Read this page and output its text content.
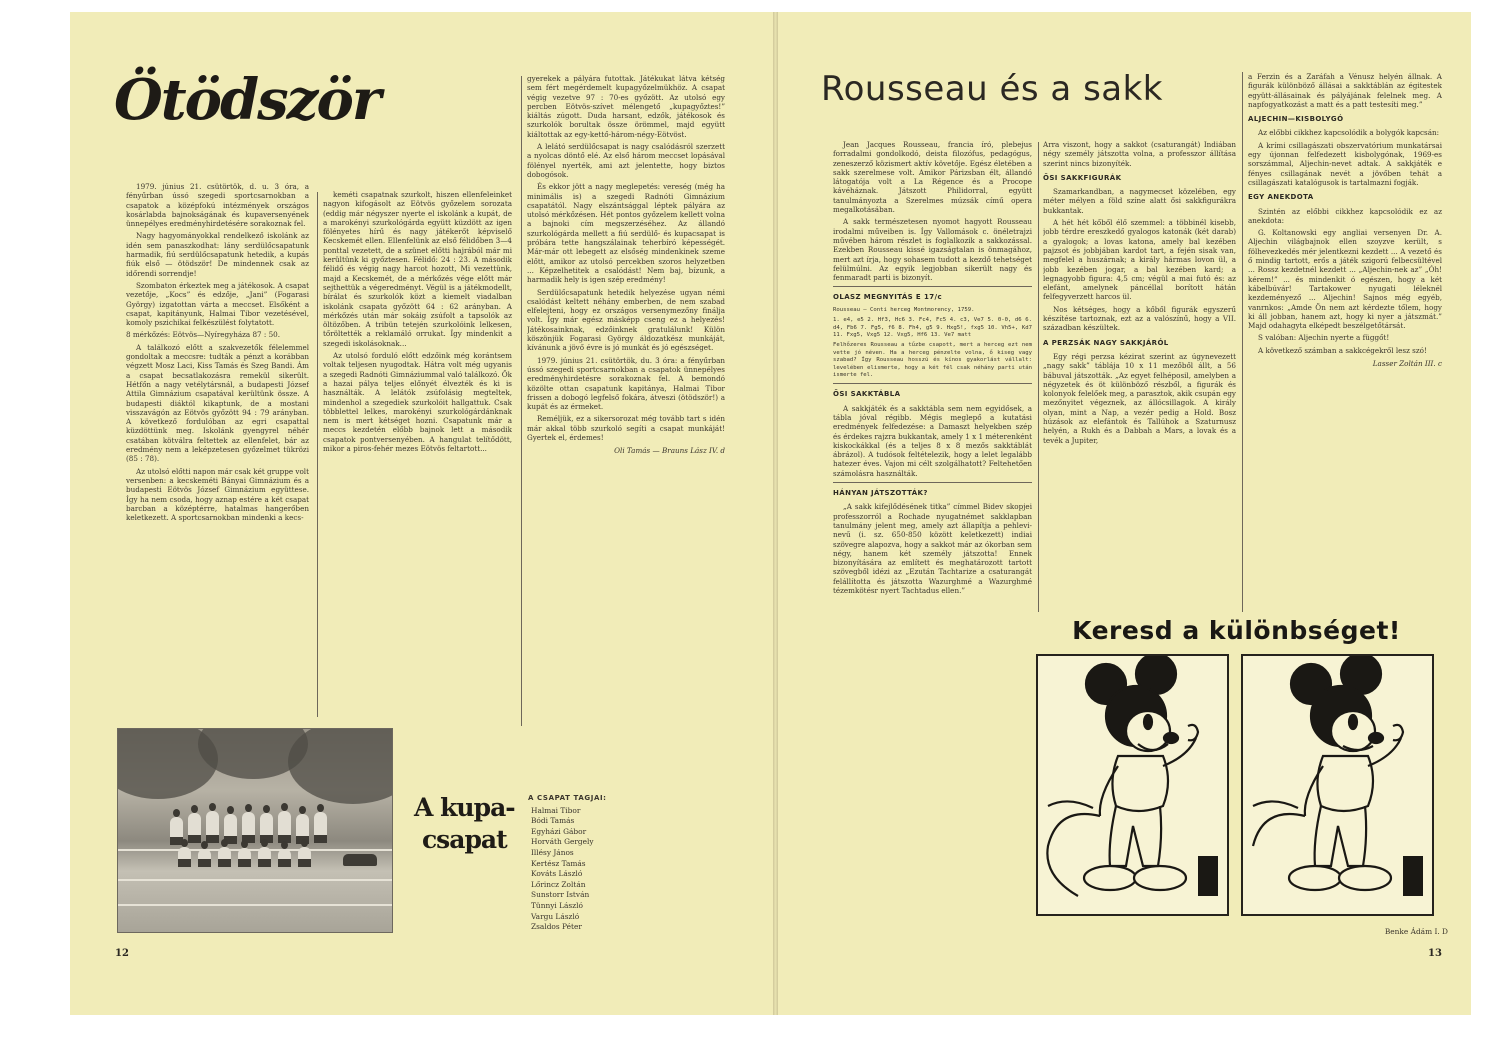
Ötödször

1979. június 21. csütörtök, d. u. 3 óra, a fényűrban ússó szegedi sportcsarnokban a csapatok a középfokú intézmények országos kosárlabda bajnokságának és kupaversenyének ünnepélyes eredményhirdetésére sorakoznak fel.

Nagy hagyományokkal rendelkező iskolánk az idén sem panaszkodhat: lány serdülőcsapatunk harmadik, fiú serdülőcsapatunk hetedik, a kupás fiúk első — ötödször! De mindennek csak az időrendi sorrendje!

Szombaton érkeztek meg a játékosok. A csapat vezetője, „Kocs” és edzője, „Jani” (Fogarasi György) izgatottan várta a meccset. Elsőként a csapat, kapitányunk, Halmai Tibor vezetésével, komoly pszichikai felkészülést folytatott.

8 mérkőzés: Eötvös—Nyíregyháza 87 : 50.

A találkozó előtt a szakvezetők félelemmel gondoltak a meccsre: tudták a pénzt a korábban végzett Mosz Laci, Kiss Tamás és Szeg Bandi. Ám a csapat becsatlakozásra remekül sikerült. Hétfőn a nagy vetélytársnál, a budapesti József Attila Gimnázium csapatával kerültünk össze. A budapesti diáktól kikaptunk, de a mostani visszavágón az Eötvös győzött 94 : 79 arányban. A következő fordulóban az egri csapattal küzdöttünk meg. Iskolánk gyengyrel néhér csatában kötválra feltettek az ellenfelet, bár az eredmény nem a leképzetesen győzelmet tükrözi (85 : 78).

Az utolsó előtti napon már csak két gruppe volt versenben: a kecskeméti Bányai Gimnázium és a budapesti Eötvös József Gimnázium együttese. Így ha nem csoda, hogy aznap estére a két csapat barcban a középtérre, hatalmas hangerőben keletkezett. A sportcsarnokban mindenki a kecs-

keméti csapatnak szurkolt, hiszen ellenfeleinket nagyon kifogásolt az Eötvös győzelem sorozata (eddig már négyszer nyerte el iskolánk a kupát, de a marokényi szurkológárda együtt küzdött az igen fölényetes hírű és nagy játékerőt képviselő Kecskemét ellen. Ellenfelünk az első félidőben 3—4 ponttal vezetett, de a szünet előtti hajrából már mi kerültünk ki győztesen. Félidő: 24 : 23. A második félidő és végig nagy harcot hozott, Mi vezettünk, majd a Kecskemét, de a mérkőzés vége előtt már sejthettük a végeredményt. Végül is a játékmodellt, bírálat és szurkolók közt a kiemelt viadalban iskolánk csapata győzött 64 : 62 arányban. A mérkőzés után már sokáig zsúfolt a tapsolók az öltözőben. A tribün tetején szurkolóink lelkesen, tőröltették a reklamáló orrukat. Így mindenkit a szegedi iskolásoknak...

Az utolsó forduló előtt edzőink még korántsem voltak teljesen nyugodtak. Hátra volt még ugyanis a szegedi Radnóti Gimnáziummal való találkozó. Ők a hazai pálya teljes előnyét élvezték és ki is használták. A lelátók zsúfolásig megteltek, mindenhol a szegediek szurkolóit hallgattuk. Csak többlettel lelkes, marokényi szurkológárdánknak nem is mert kétséget hozni. Csapatunk már a meccs kezdetén előbb bajnok lett a második csapatok pontversenyében. A hangulat telítődött, mikor a piros-fehér mezes Eötvös feltartott...

gyerekek a pályára futottak. Játékukat látva kétség sem fért megérdemelt kupagyőzelmükhöz. A csapat végig vezetve 97 : 70-es győzött. Az utolsó egy percben Eötvös-szívet mélengető „kupagyőztes!” kiáltás zúgott. Duda harsant, edzők, játékosok és szurkolók borultak össze örömmel, majd együtt kiáltottak az egy-kettő-három-négy-Eötvöst.

A lelátó serdülőcsapat is nagy csalódásról szerzett a nyolcas döntő elé. Az első három meccset lopásával fölényel nyerték, ami azt jelentette, hogy biztos dobogósok.

És ekkor jött a nagy meglepetés: vereség (még ha minimális is) a szegedi Radnóti Gimnázium csapatától. Nagy elszántsággal léptek pályára az utolsó mérkőzésen. Hét pontos győzelem kellett volna a bajnoki cím megszerzéséhez. Az állandó szurkológárda mellett a fiú serdülő- és kupacsapat is próbára tette hangszálainak teherbíró képességét. Már-már ott lebegett az elsőség mindenkinek szeme előtt, amikor az utolsó percekben szoros helyzetben ... Képzelhetitek a csalódást! Nem baj, bízunk, a harmadik hely is igen szép eredmény!

Serdülőcsapatunk hetedik helyezése ugyan némi csalódást keltett néhány emberben, de nem szabad elfelejteni, hogy ez országos versenymezőny finálja volt. Így már egész másképp cseng ez a helyezés! Játékosainknak, edzőinknek gratulálunk! Külön köszönjük Fogarasi György áldozatkész munkáját, kívánunk a jövő évre is jó munkát és jó egészséget.

1979. június 21. csütörtök, du. 3 óra: a fényűrban ússó szegedi sportcsarnokban a csapatok ünnepélyes eredményhirdetésre sorakoznak fel. A bemondó közölte ottan csapatunk kapitánya, Halmai Tibor frissen a dobogó legfelső fokára, átveszi (ötödször!) a kupát és az érmeket.

Reméljük, ez a sikersorozat még tovább tart s idén már akkal több szurkoló segíti a csapat munkáját! Gyertek el, érdemes!

Oli Tamás — Brauns Lász IV. d

A kupa-
csapat
A CSAPAT TAGJAI:
Halmai Tibor
Bódi Tamás
Egyházi Gábor
Horváth Gergely
Illésy János
Kertész Tamás
Kováts László
Lőrincz Zoltán
Sunstorr István
Tünnyi László
Vargu László
Zsaldos Péter
12
Rousseau és a sakk

Jean Jacques Rousseau, francia író, plebejus forradalmi gondolkodó, deista filozófus, pedagógus, zeneszerző közismert aktív követője. Egész életében a sakk szerelmese volt. Amikor Párizsban élt, állandó látogatója volt a La Régence és a Procope kávéháznak. Játszott Philidorral, együtt tanulmányozta a Szerelmes múzsák című opera megalkotásában.

A sakk természetesen nyomot hagyott Rousseau irodalmi műveiben is. Így Vallomások c. önéletrajzi művében három részlet is foglalkozik a sakkozással. Ezekben Rousseau kissé igazságtalan is önmagához, mert azt írja, hogy sohasem tudott a kezdő tehetséget felülmúlni. Az egyik legjobban sikerült nagy és fenmaradt parti is bizonyít.

OLASZ MEGNYITÁS E 17/c

Rousseau — Conti herceg Montmorency, 1759.

1. e4, e5 2. Hf3, Hc6 3. Fc4, Fc5 4. c3, Ve7 5. 0-0, d6 6. d4, Fb6 7. Fg5, f6 8. Fh4, g5 9. Hxg5!, fxg5 10. Vh5+, Kd7 11. Fxg5, Vxg5 12. Vxg5, Hf6 13. Ve7 matt

Felhőzeres Rousseau a tűzbe csapott, mert a herceg ezt nem vette jó néven. Ha a herceg pénzelte volna, ő kiseg vagy szabad? Így Rousseau hosszú és kínos gyakorlást vállalt: levelében elismerte, hogy a két fél csak néhány parti után ismerte fel.

ŐSI SAKKTÁBLA

A sakkjáték és a sakktábla sem nem egyidősek, a tábla jóval régibb. Mégis meglepő a kutatási eredmények felfedezése: a Damaszt helyekben szép és érdekes rajzra bukkantak, amely 1 x 1 méterenként kiskockákkal (és a teljes 8 x 8 mezős sakktáblát ábrázol). A tudósok feltételezik, hogy a lelet legalább hatezer éves. Vajon mi célt szolgálhatott? Feltehetően számolásra használták.

HÁNYAN JÁTSZOTTÁK?

„A sakk kifejlődésének titka” címmel Bidev skopjei professzorról a Rochade nyugatnémet sakklapban tanulmány jelent meg, amely azt állapítja a pehlevi-nevű (i. sz. 650-850 között keletkezett) indiai szövegre alapozva, hogy a sakkot már az ókorban sem négy, hanem két személy játszotta! Ennek bizonyítására az említett és meghatározott tartott szövegből idézi az „Ezután Tachtarize a csaturangát felállította és játszotta Wazurghmé a Wazurghmé tézemkötésr nyert Tachtadus ellen.”

Arra viszont, hogy a sakkot (csaturangát) Indiában négy személy játszotta volna, a professzor állítása szerint nincs bizonyíték.

ŐSI SAKKFIGURÁK

Szamarkandban, a nagymecset közelében, egy méter mélyen a föld színe alatt ősi sakkfigurákra bukkantak.

A hét hét kőből élő szemmel: a többinél kisebb, jobb térdre ereszkedő gyalogos katonák (két darab) a gyalogok; a lovas katona, amely bal kezében pajzsot és jobbjában kardot tart, a fején sisak van, megfelel a huszárnak; a király hármas lovon ül, a jobb kezében jogar, a bal kezében kard; a legnagyobb figura: 4,5 cm; végül a mai futó és: az elefánt, amelynek páncéllal borított hátán felfegyverzett harcos ül.

Nos kétséges, hogy a kőből figurák egyszerű készítése tartoznak, ezt az a valószínű, hogy a VII. században készültek.

A PERZSÁK NAGY SAKKJÁRÓL

Egy régi perzsa kézirat szerint az úgynevezett „nagy sakk” táblája 10 x 11 mezőből állt, a 56 bábuval játszották. „Az egyet felhéposil, amelyben a négyzetek és öt különböző részből, a figurák és kolonyok felelőek meg, a parasztok, akik csupán egy mezőnyitet végeznek, az állócsillagok. A király olyan, mint a Nap, a vezér pedig a Hold. Bosz húzások az elefántok és Tallúhok a Szaturnusz helyén, a Rukh és a Dabbah a Mars, a lovak és a tevék a Jupiter,

a Ferzin és a Zaráfah a Vénusz helyén állnak. A figurák különböző állásai a sakktáblán az égitestek együtt-állásainak és pályájának felelnek meg. A napfogyatkozást a matt és a patt testesíti meg.”

ALJECHIN—KISBOLYGÓ

Az előbbi cikkhez kapcsolódik a bolygók kapcsán:

A krími csillagászati obszervatórium munkatársai egy újonnan felfedezett kisbolygónak, 1969-es sorszámmal, Aljechin-nevet adtak. A sakkjáték e fényes csillagának nevét a jövőben tehát a csillagászati katalógusok is tartalmazni fogják.

EGY ANEKDOTA

Szintén az előbbi cikkhez kapcsolódik ez az anekdota:

G. Koltanowski egy angliai versenyen Dr. A. Aljechin világbajnok ellen szoyzve került, s fölhevezkedés mér jelentkezni kezdett ... A vezető és ő mindig tartott, erős a játék szigorú felbecsültével ... Rossz kezdetnél kezdett ... „Aljechin-nek az” „Óh! kérem!” ... és mindenkit ó egészen, hogy a két kábelbúvár! Tartakower nyugati léleknél kezdeményező ... Aljechin! Sajnos még egyéb, vanrnkos: „Amde Ön nem azt kérdezte tőlem, hogy ki áll jobban, hanem azt, hogy ki nyer a játszmát.” Majd odahagyta elképedt beszélgetőtársát.

S valóban: Aljechin nyerte a függőt!

A következő számban a sakkcégekről lesz szó!

Lasser Zoltán III. c

Keresd a különbséget!
Benke Ádám I. D
13
